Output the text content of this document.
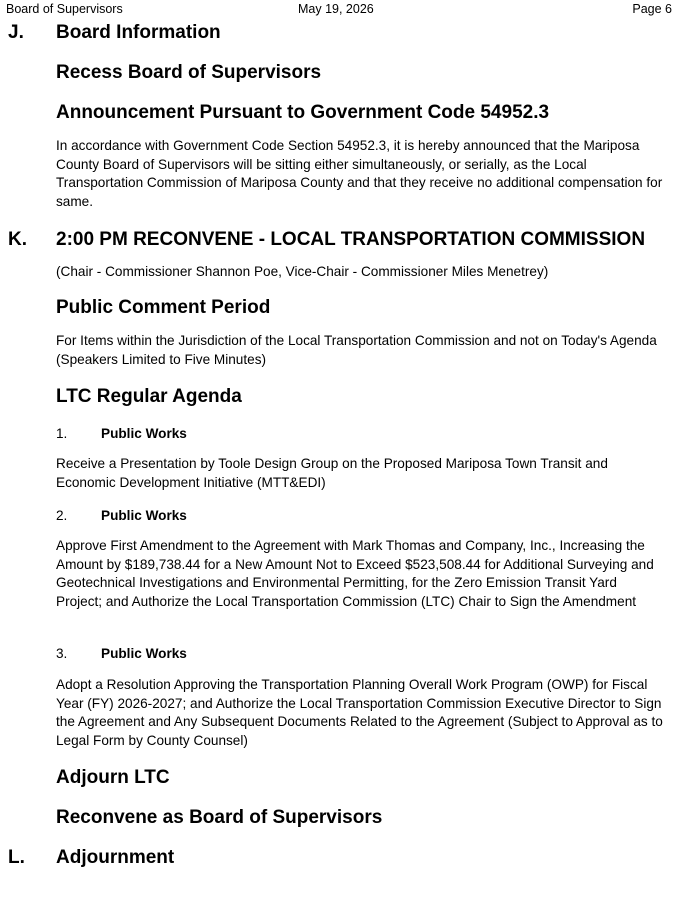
Board of Supervisors	May 19, 2026	Page 6
J. Board Information
Recess Board of Supervisors
Announcement Pursuant to Government Code 54952.3
In accordance with Government Code Section 54952.3, it is hereby announced that the Mariposa County Board of Supervisors will be sitting either simultaneously, or serially, as the Local Transportation Commission of Mariposa County and that they receive no additional compensation for same.
K. 2:00 PM RECONVENE - LOCAL TRANSPORTATION COMMISSION
(Chair - Commissioner Shannon Poe, Vice-Chair - Commissioner Miles Menetrey)
Public Comment Period
For Items within the Jurisdiction of the Local Transportation Commission and not on Today's Agenda (Speakers Limited to Five Minutes)
LTC Regular Agenda
1. Public Works
Receive a Presentation by Toole Design Group on the Proposed Mariposa Town Transit and Economic Development Initiative (MTT&EDI)
2. Public Works
Approve First Amendment to the Agreement with Mark Thomas and Company, Inc., Increasing the Amount by $189,738.44 for a New Amount Not to Exceed $523,508.44 for Additional Surveying and Geotechnical Investigations and Environmental Permitting, for the Zero Emission Transit Yard Project; and Authorize the Local Transportation Commission (LTC) Chair to Sign the Amendment
3. Public Works
Adopt a Resolution Approving the Transportation Planning Overall Work Program (OWP) for Fiscal Year (FY) 2026-2027; and Authorize the Local Transportation Commission Executive Director to Sign the Agreement and Any Subsequent Documents Related to the Agreement (Subject to Approval as to Legal Form by County Counsel)
Adjourn LTC
Reconvene as Board of Supervisors
L. Adjournment
